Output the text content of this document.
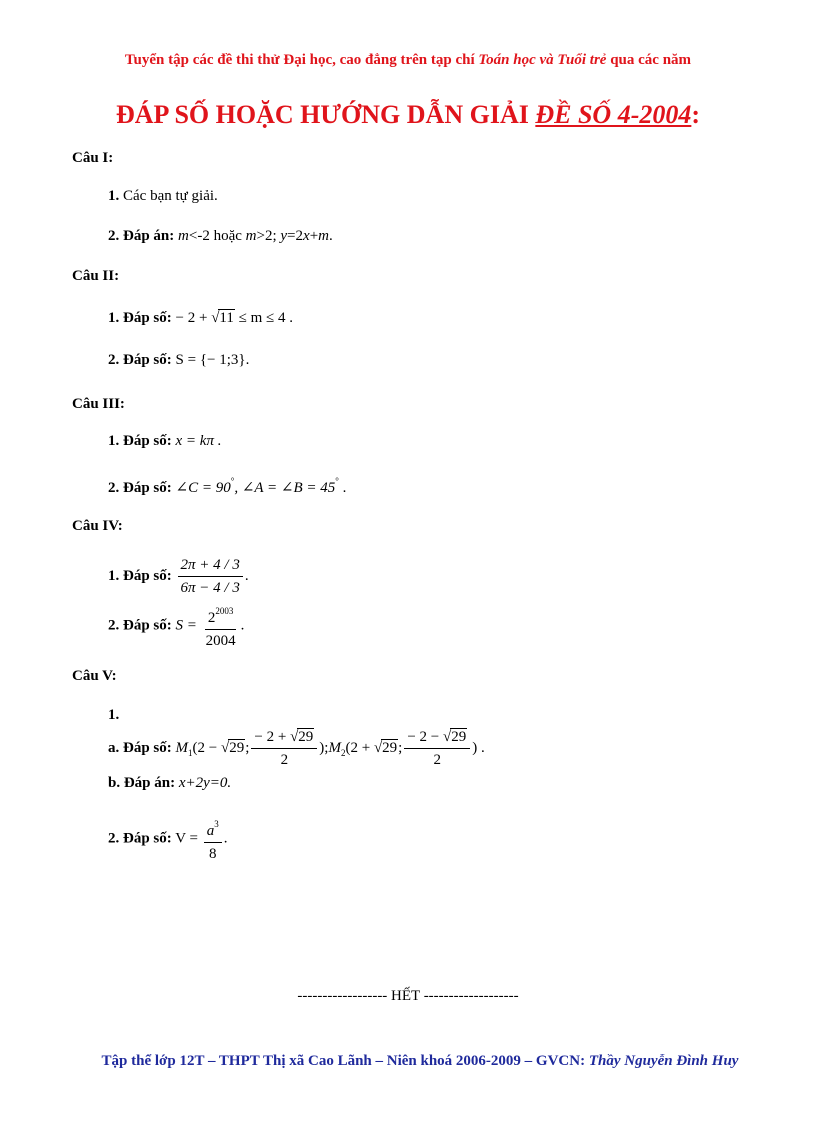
Tuyển tập các đề thi thử Đại học, cao đẳng trên tạp chí Toán học và Tuổi trẻ qua các năm
ĐÁP SỐ HOẶC HƯỚNG DẪN GIẢI ĐỀ SỐ 4-2004:
Câu I:
1. Các bạn tự giải.
2. Đáp án: m<-2 hoặc m>2; y=2x+m.
Câu II:
1. Đáp số: − 2 + √11 ≤ m ≤ 4 .
2. Đáp số: S = {− 1;3}.
Câu III:
1. Đáp số: x = kπ .
2. Đáp số: ∠C = 90°, ∠A = ∠B = 45° .
Câu IV:
1. Đáp số: $\frac{2\pi + 4 / 3}{6\pi - 4 / 3}$ .
2. Đáp số: $S = \frac{2^{2003}}{2004}$ .
Câu V:
1.
a. Đáp số: $M_1(2 - √29$; $\frac{- 2 + √29}{2}$ )$;M_2(2 + √29$; $\frac{- 2 - √29}{2}$ ) .
b. Đáp án: x+2y=0.
2. Đáp số: $V = \frac{a^3}{8}$ .
------------------ HẾT -------------------
Tập thể lớp 12T – THPT Thị xã Cao Lãnh – Niên khoá 2006-2009 – GVCN: Thầy Nguyễn Đình Huy
